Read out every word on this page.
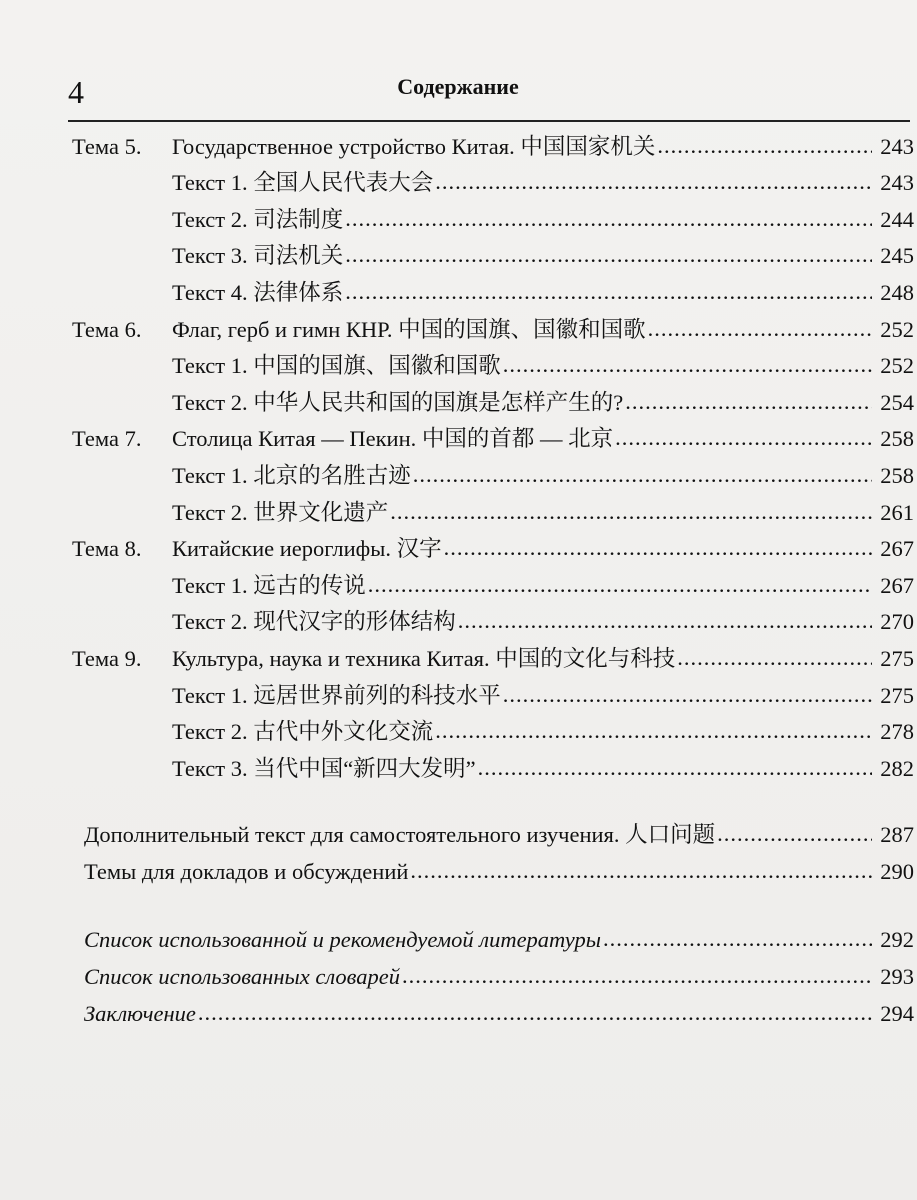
4	Содержание
Тема 5.	Государственное устройство Китая. 中国国家机关 .....	243
Текст 1. 全国人民代表大会 .....	243
Текст 2. 司法制度 .....	244
Текст 3. 司法机关 .....	245
Текст 4. 法律体系 .....	248
Тема 6.	Флаг, герб и гимн КНР. 中国的国旗、国徽和国歌 .....	252
Текст 1. 中国的国旗、国徽和国歌 .....	252
Текст 2. 中华人民共和国的国旗是怎样产生的? .....	254
Тема 7.	Столица Китая — Пекин. 中国的首都 — 北京 .....	258
Текст 1. 北京的名胜古迹 .....	258
Текст 2. 世界文化遗产 .....	261
Тема 8.	Китайские иероглифы. 汉字 .....	267
Текст 1. 远古的传说 .....	267
Текст 2. 现代汉字的形体结构 .....	270
Тема 9.	Культура, наука и техника Китая. 中国的文化与科技 .....	275
Текст 1. 远居世界前列的科技水平 .....	275
Текст 2. 古代中外文化交流 .....	278
Текст 3. 当代中国“新四大发明” .....	282
Дополнительный текст для самостоятельного изучения. 人口问题 .....	287
Темы для докладов и обсуждений .....	290
Список использованной и рекомендуемой литературы .....	292
Список использованных словарей .....	293
Заключение .....	294
